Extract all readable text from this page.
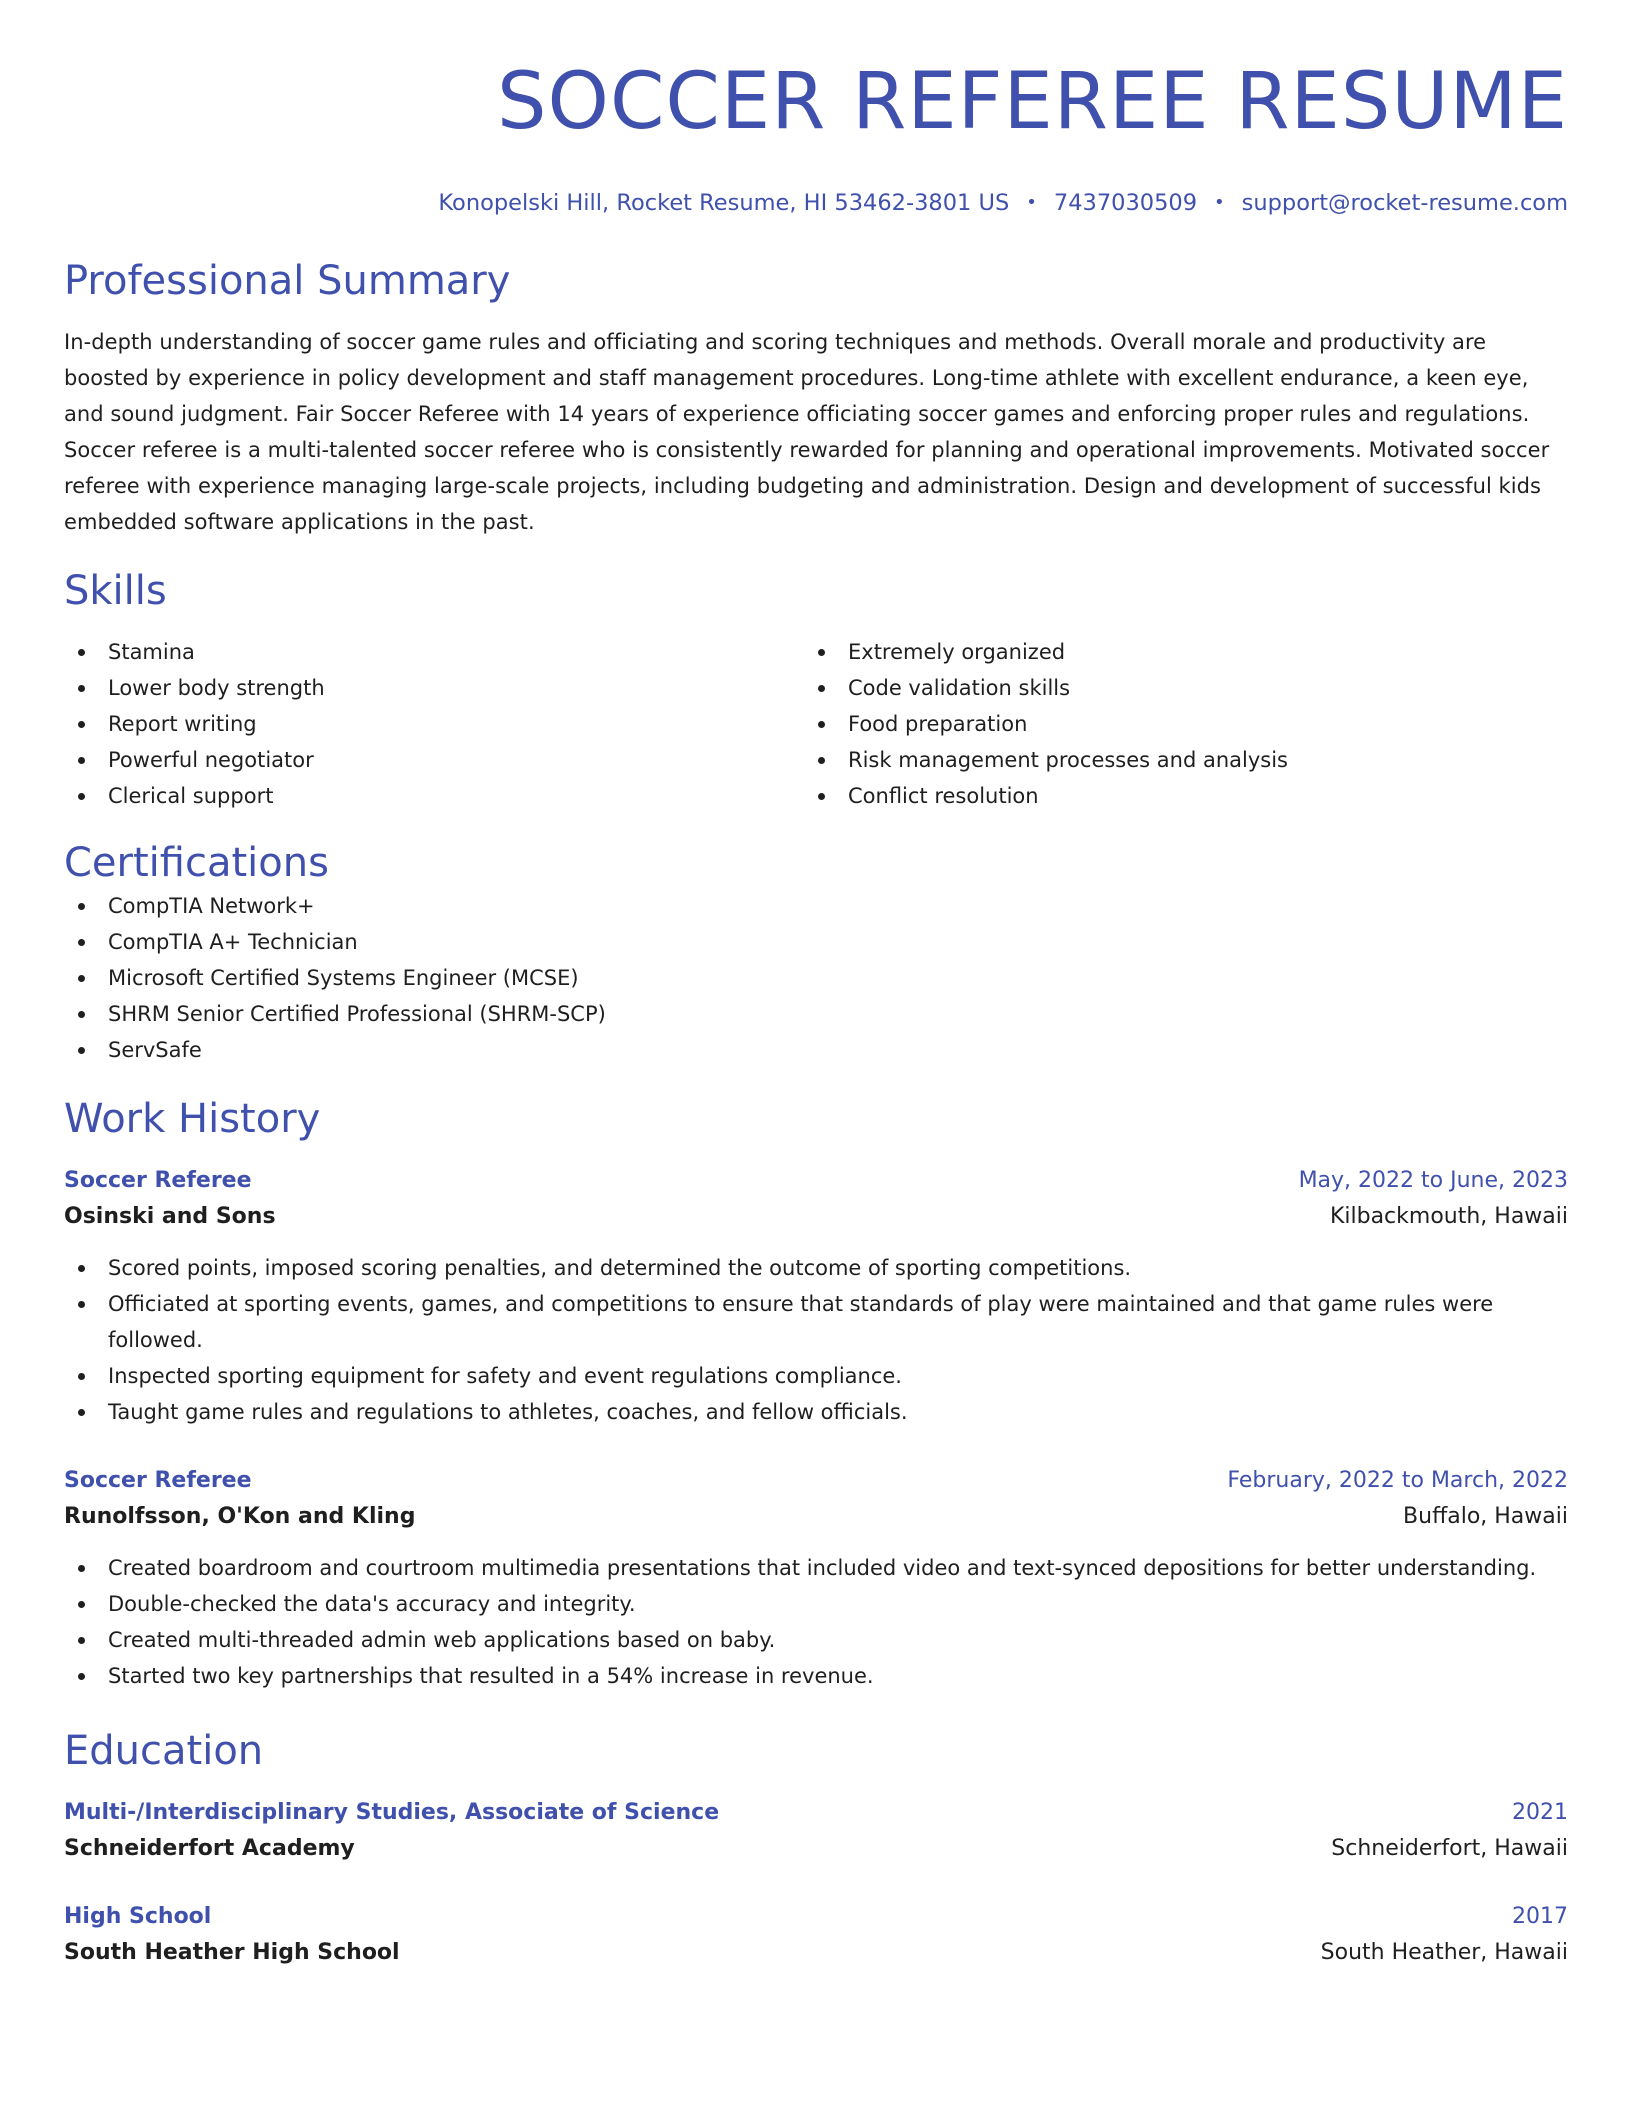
SOCCER REFEREE RESUME
Konopelski Hill, Rocket Resume, HI 53462-3801 US • 7437030509 • support@rocket-resume.com
Professional Summary
In-depth understanding of soccer game rules and officiating and scoring techniques and methods. Overall morale and productivity are boosted by experience in policy development and staff management procedures. Long-time athlete with excellent endurance, a keen eye, and sound judgment. Fair Soccer Referee with 14 years of experience officiating soccer games and enforcing proper rules and regulations. Soccer referee is a multi-talented soccer referee who is consistently rewarded for planning and operational improvements. Motivated soccer referee with experience managing large-scale projects, including budgeting and administration. Design and development of successful kids embedded software applications in the past.
Skills
Stamina
Lower body strength
Report writing
Powerful negotiator
Clerical support
Extremely organized
Code validation skills
Food preparation
Risk management processes and analysis
Conflict resolution
Certifications
CompTIA Network+
CompTIA A+ Technician
Microsoft Certified Systems Engineer (MCSE)
SHRM Senior Certified Professional (SHRM-SCP)
ServSafe
Work History
Soccer Referee	May, 2022 to June, 2023
Osinski and Sons	Kilbackmouth, Hawaii
Scored points, imposed scoring penalties, and determined the outcome of sporting competitions.
Officiated at sporting events, games, and competitions to ensure that standards of play were maintained and that game rules were followed.
Inspected sporting equipment for safety and event regulations compliance.
Taught game rules and regulations to athletes, coaches, and fellow officials.
Soccer Referee	February, 2022 to March, 2022
Runolfsson, O'Kon and Kling	Buffalo, Hawaii
Created boardroom and courtroom multimedia presentations that included video and text-synced depositions for better understanding.
Double-checked the data's accuracy and integrity.
Created multi-threaded admin web applications based on baby.
Started two key partnerships that resulted in a 54% increase in revenue.
Education
Multi-/Interdisciplinary Studies, Associate of Science	2021
Schneiderfort Academy	Schneiderfort, Hawaii
High School	2017
South Heather High School	South Heather, Hawaii
